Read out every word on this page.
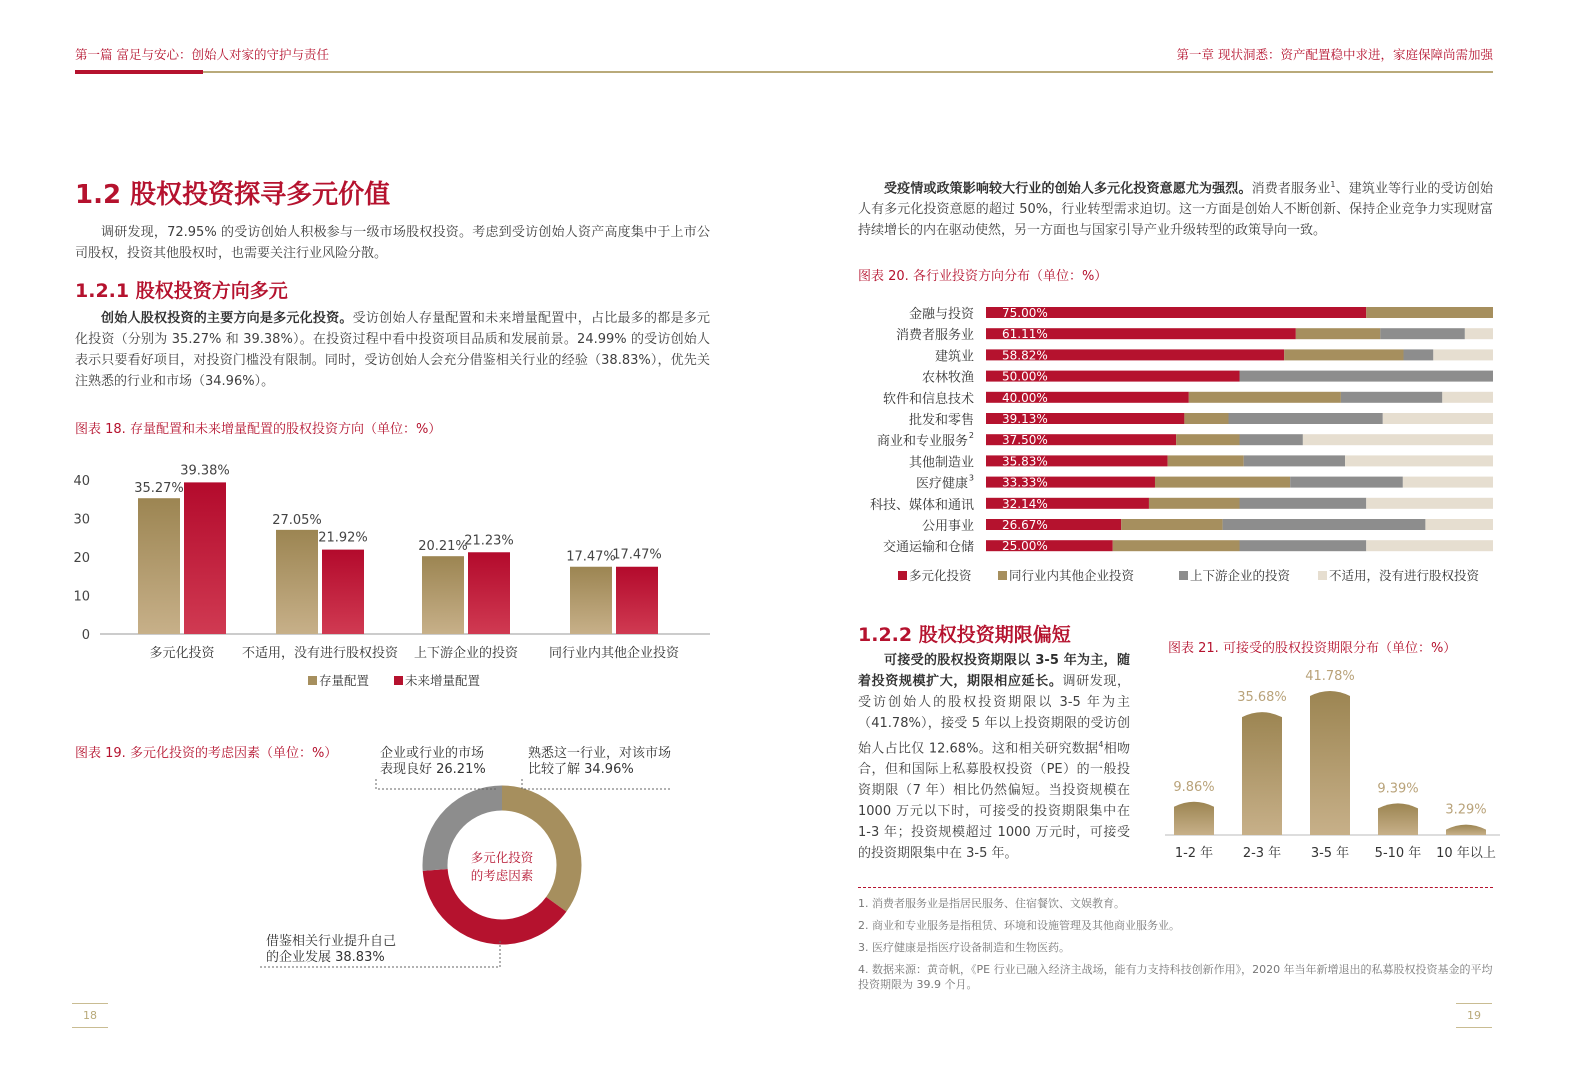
第一篇 富足与安心：创始人对家的守护与责任	第一章 现状洞悉：资产配置稳中求进，家庭保障尚需加强
1.2 股权投资探寻多元价值
调研发现，72.95% 的受访创始人积极参与一级市场股权投资。考虑到受访创始人资产高度集中于上市公司股权，投资其他股权时，也需要关注行业风险分散。
1.2.1 股权投资方向多元
创始人股权投资的主要方向是多元化投资。受访创始人存量配置和未来增量配置中，占比最多的都是多元化投资（分别为 35.27% 和 39.38%）。在投资过程中看中投资项目品质和发展前景。24.99% 的受访创始人表示只要看好项目，对投资门槛没有限制。同时，受访创始人会充分借鉴相关行业的经验（38.83%），优先关注熟悉的行业和市场（34.96%）。
图表 18. 存量配置和未来增量配置的股权投资方向（单位：%）
0
10
20
30
40	35.27%
39.38%
多元化投资
27.05%
21.92%
不适用，没有进行股权投资
20.21%
21.23%
上下游企业的投资
17.47%
17.47%
同行业内其他企业投资
存量配置	未来增量配置
图表 19. 多元化投资的考虑因素（单位：%）
多元化投资
的考虑因素
熟悉这一行业，对该市场
比较了解 34.96%
借鉴相关行业提升自己
的企业发展 38.83%
企业或行业的市场
表现良好 26.21%
受疫情或政策影响较大行业的创始人多元化投资意愿尤为强烈。消费者服务业$^1$、建筑业等行业的受访创始人有多元化投资意愿的超过 50%，行业转型需求迫切。这一方面是创始人不断创新、保持企业竞争力实现财富持续增长的内在驱动使然，另一方面也与国家引导产业升级转型的政策导向一致。
图表 20. 各行业投资方向分布（单位：%）
75.00%
金融与投资
61.11%
消费者服务业
58.82%
建筑业
50.00%
农林牧渔
40.00%
软件和信息技术
39.13%
批发和零售
37.50%
商业和专业服务 2
35.83%
其他制造业
33.33%
医疗健康 3
32.14%
科技、媒体和通讯
26.67%
公用事业
25.00%
交通运输和仓储
多元化投资	同行业内其他企业投资	上下游企业的投资	不适用，没有进行股权投资
1.2.2 股权投资期限偏短
可接受的股权投资期限以 3-5 年为主，随着投资规模扩大，期限相应延长。调研发现，受访创始人的股权投资期限以 3-5 年为主（41.78%），接受 5 年以上投资期限的受访创始人占比仅 12.68%。这和相关研究数据$^4$相吻合，但和国际上私募股权投资（PE）的一般投资期限（7 年）相比仍然偏短。当投资规模在 1000 万元以下时，可接受的投资期限集中在 1-3 年；投资规模超过 1000 万元时，可接受的投资期限集中在 3-5 年。
图表 21. 可接受的股权投资期限分布（单位：%）
9.86%
1-2 年
35.68%
2-3 年
41.78%
3-5 年
9.39%
5-10 年
3.29%
10 年以上
1. 消费者服务业是指居民服务、住宿餐饮、文娱教育。
2. 商业和专业服务是指租赁、环境和设施管理及其他商业服务业。
3. 医疗健康是指医疗设备制造和生物医药。
4. 数据来源：黄奇帆，《PE 行业已融入经济主战场，能有力支持科技创新作用》，2020 年当年新增退出的私募股权投资基金的平均投资期限为 39.9 个月。
18	19
